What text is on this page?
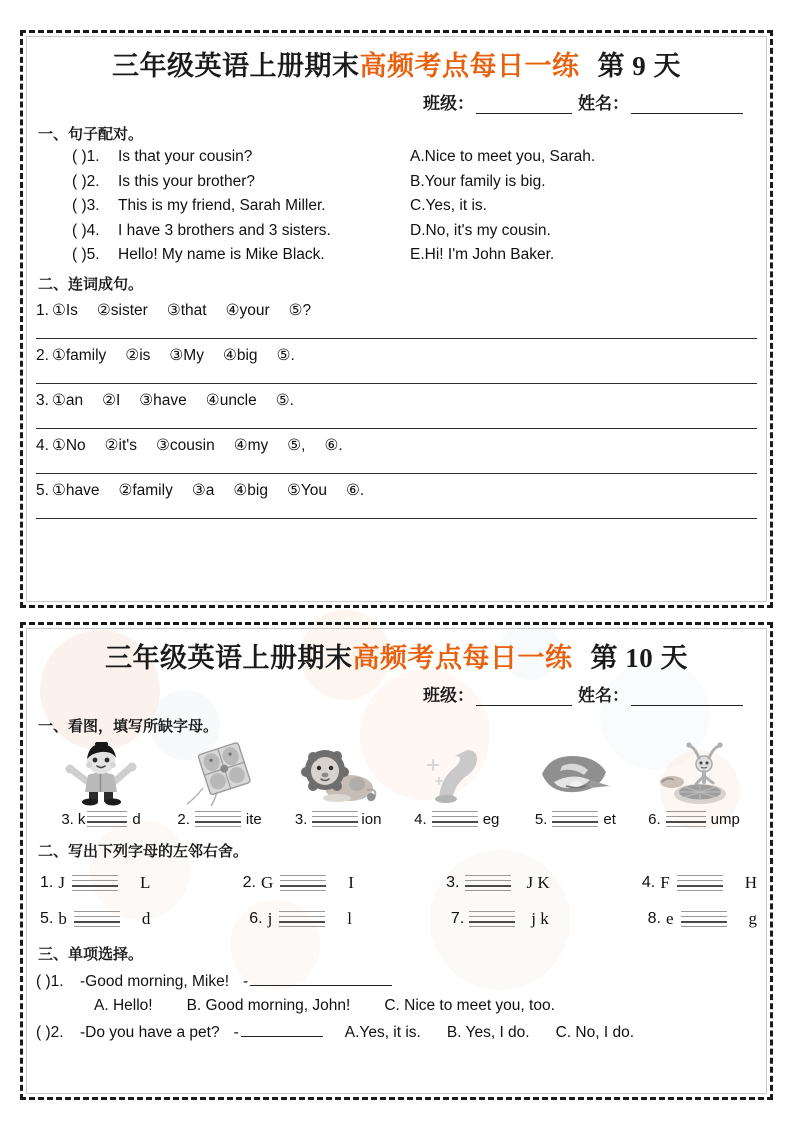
三年级英语上册期末高频考点每日一练 第 9 天
班级：	姓名：
一、句子配对。
( )1.	Is that your cousin?	A.Nice to meet you, Sarah.
( )2.	Is this your brother?	B.Your family is big.
( )3.	This is my friend, Sarah Miller.	C.Yes, it is.
( )4.	I have 3 brothers and 3 sisters.	D.No, it's my cousin.
( )5.	Hello! My name is Mike Black.	E.Hi! I'm John Baker.
二、连词成句。
1. ①Is ②sister ③that ④your ⑤?
2. ①family ②is ③My ④big ⑤.
3. ①an ②I ③have ④uncle ⑤.
4. ①No ②it's ③cousin ④my ⑤, ⑥.
5. ①have ②family ③a ④big ⑤You ⑥.
三年级英语上册期末高频考点每日一练 第 10 天
班级：	姓名：
一、看图，填写所缺字母。
3. k	d 2.	ite 3.	ion 4.	eg 5.	et 6.	ump
二、写出下列字母的左邻右舍。
1. J	L	2. G	I	3.	J K	4. F	H
5. b	d	6. j	l	7.	j k	8. e	g
三、单项选择。
( )1.	-Good morning, Mike! -
A. Hello! B. Good morning, John! C. Nice to meet you, too.
( )2.	-Do you have a pet? -	A.Yes, it is. B. Yes, I do. C. No, I do.
